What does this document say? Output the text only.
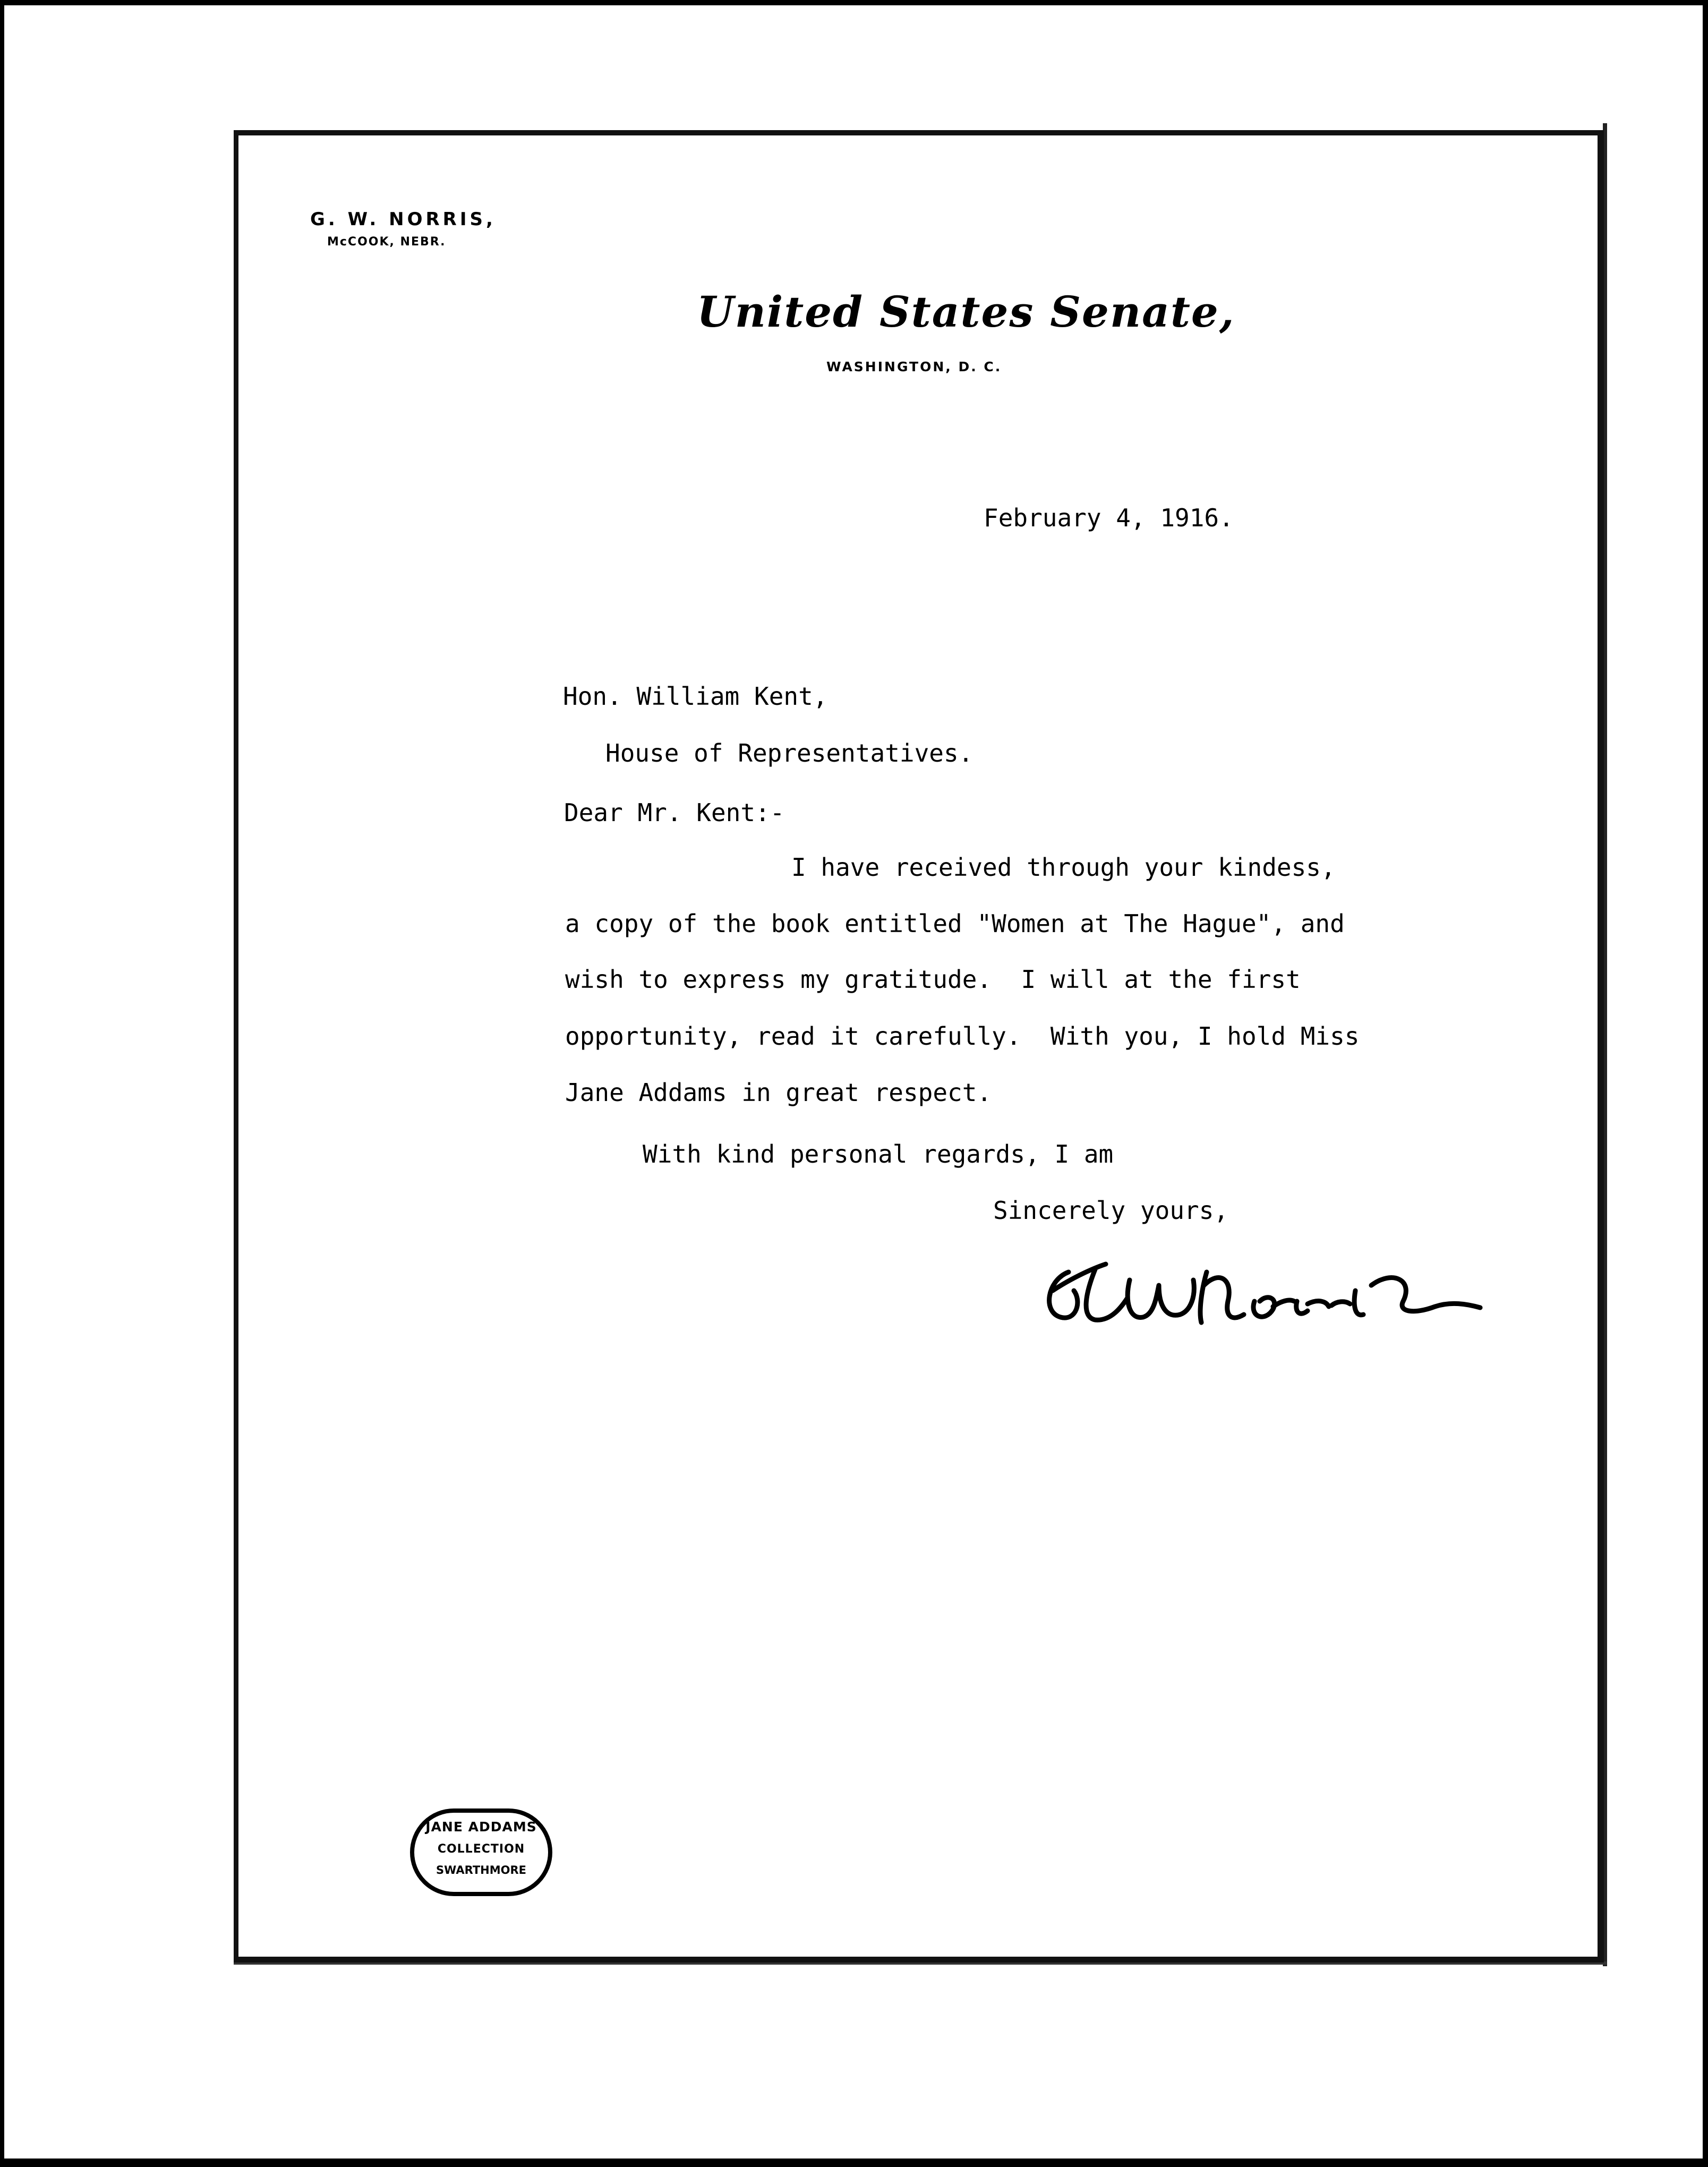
G. W. NORRIS,
McCOOK, NEBR.
United States Senate,
WASHINGTON, D. C.
February 4, 1916.
Hon. William Kent,
House of Representatives.
Dear Mr. Kent:-
I have received through your kindess,
a copy of the book entitled "Women at The Hague", and
wish to express my gratitude.  I will at the first
opportunity, read it carefully.  With you, I hold Miss
Jane Addams in great respect.
With kind personal regards, I am
Sincerely yours,
JANE ADDAMS
COLLECTION
SWARTHMORE
